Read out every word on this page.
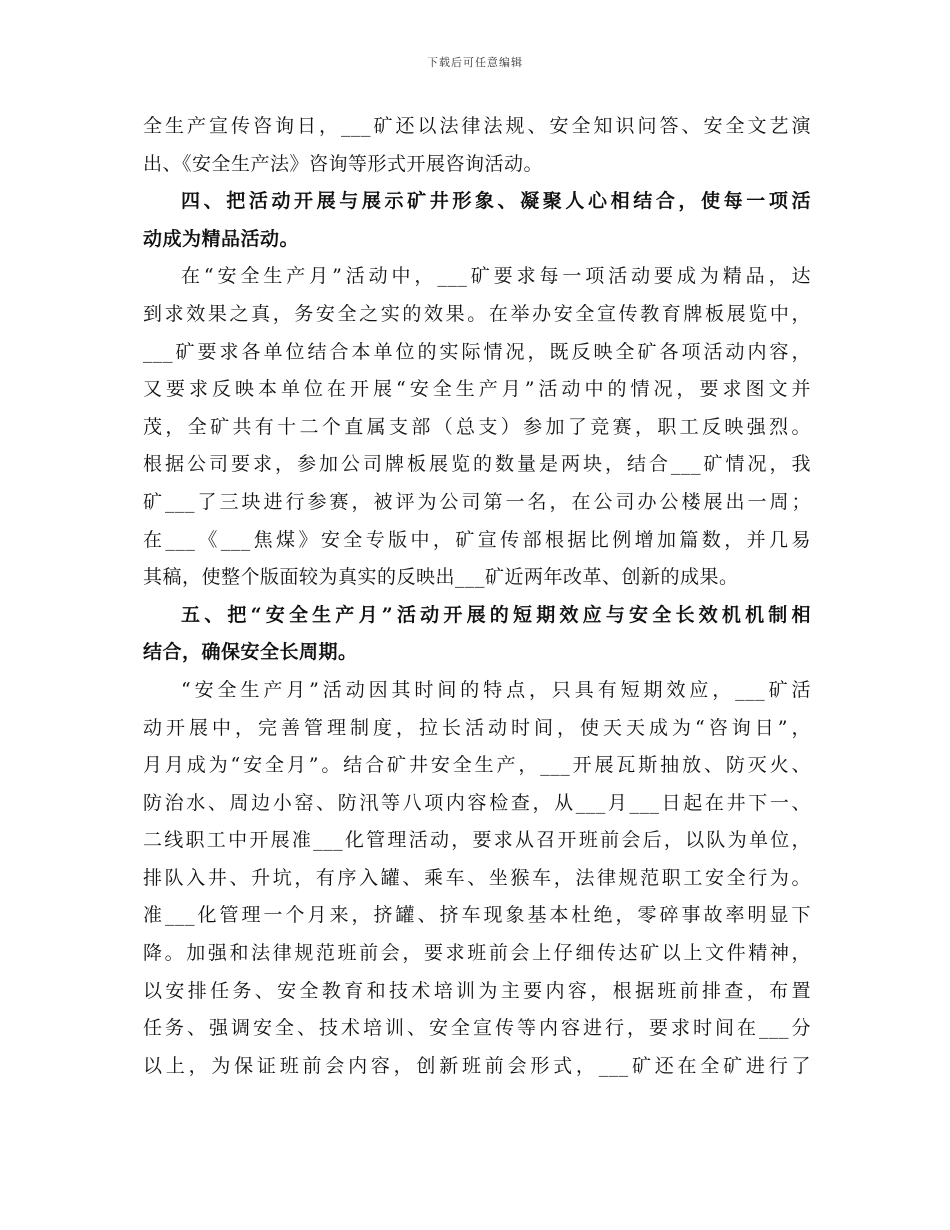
下载后可任意编辑
全生产宣传咨询日，___矿还以法律法规、安全知识问答、安全文艺演
出、《安全生产法》咨询等形式开展咨询活动。
四、把活动开展与展示矿井形象、凝聚人心相结合，使每一项活
动成为精品活动。
在“安全生产月”活动中，___矿要求每一项活动要成为精品，达
到求效果之真，务安全之实的效果。在举办安全宣传教育牌板展览中，
___矿要求各单位结合本单位的实际情况，既反映全矿各项活动内容，
又要求反映本单位在开展“安全生产月”活动中的情况，要求图文并
茂，全矿共有十二个直属支部（总支）参加了竞赛，职工反映强烈。
根据公司要求，参加公司牌板展览的数量是两块，结合___矿情况，我
矿___了三块进行参赛，被评为公司第一名，在公司办公楼展出一周；
在___《___焦煤》安全专版中，矿宣传部根据比例增加篇数，并几易
其稿，使整个版面较为真实的反映出___矿近两年改革、创新的成果。
五、把“安全生产月”活动开展的短期效应与安全长效机机制相
结合，确保安全长周期。
“安全生产月”活动因其时间的特点，只具有短期效应，___矿活
动开展中，完善管理制度，拉长活动时间，使天天成为“咨询日”，
月月成为“安全月”。结合矿井安全生产，___开展瓦斯抽放、防灭火、
防治水、周边小窑、防汛等八项内容检查，从___月___日起在井下一、
二线职工中开展准___化管理活动，要求从召开班前会后，以队为单位，
排队入井、升坑，有序入罐、乘车、坐猴车，法律规范职工安全行为。
准___化管理一个月来，挤罐、挤车现象基本杜绝，零碎事故率明显下
降。加强和法律规范班前会，要求班前会上仔细传达矿以上文件精神，
以安排任务、安全教育和技术培训为主要内容，根据班前排查，布置
任务、强调安全、技术培训、安全宣传等内容进行，要求时间在___分
以上，为保证班前会内容，创新班前会形式，___矿还在全矿进行了
